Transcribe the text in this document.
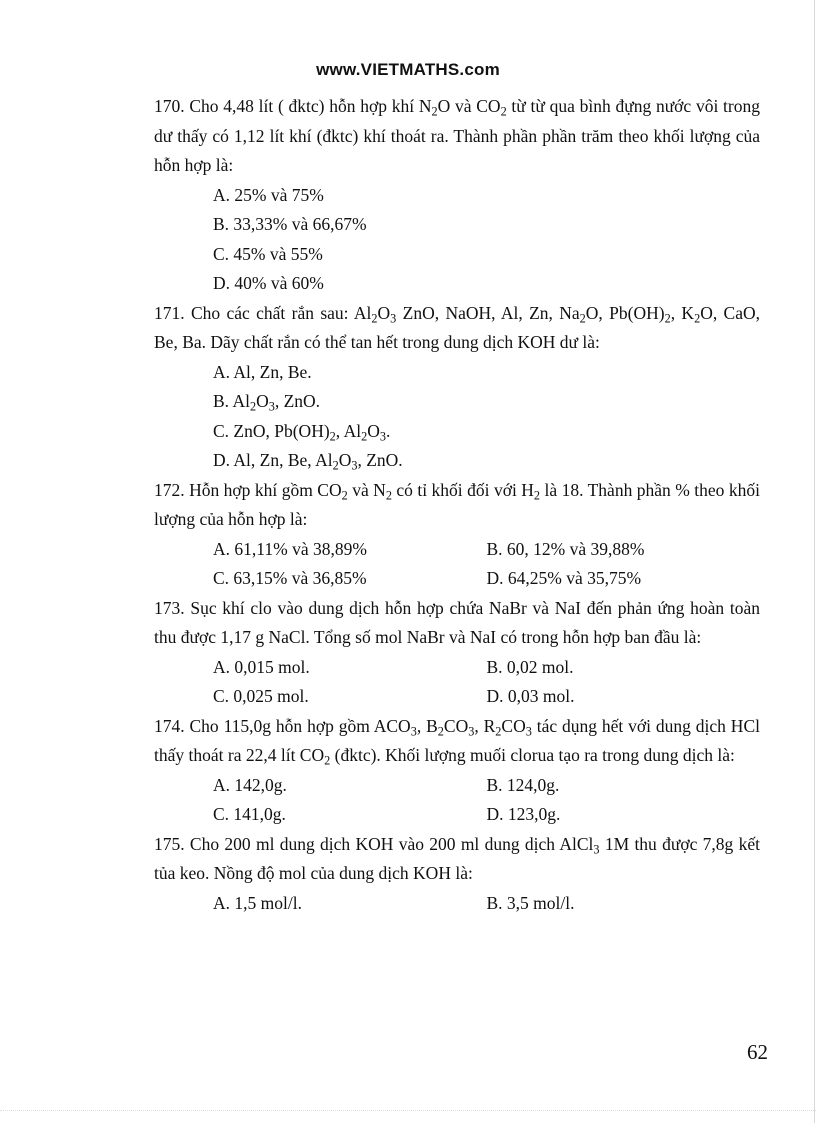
www.VIETMATHS.com
170. Cho 4,48 lít ( đktc) hỗn hợp khí $N_2O$ và $CO_2$ từ từ qua bình đựng nước vôi trong dư thấy có 1,12 lít khí (đktc) khí thoát ra. Thành phần phần trăm theo khối lượng của hỗn hợp là:
A. 25% và 75%
B. 33,33% và 66,67%
C. 45% và 55%
D. 40% và 60%
171. Cho các chất rắn sau: $Al_2O_3$ ZnO, NaOH, Al, Zn, $Na_2O$, $Pb(OH)_2$, $K_2O$, CaO, Be, Ba. Dãy chất rắn có thể tan hết trong dung dịch KOH dư là:
A. Al, Zn, Be.
B. $Al_2O_3$, ZnO.
C. ZnO, $Pb(OH)_2$, $Al_2O_3$.
D. Al, Zn, Be, $Al_2O_3$, ZnO.
172. Hỗn hợp khí gồm $CO_2$ và $N_2$ có tỉ khối đối với $H_2$ là 18. Thành phần % theo khối lượng của hỗn hợp là:
A. 61,11% và 38,89%	B. 60, 12% và 39,88%
C. 63,15% và 36,85%	D. 64,25% và 35,75%
173. Sục khí clo vào dung dịch hỗn hợp chứa NaBr và NaI đến phản ứng hoàn toàn thu được 1,17 g NaCl. Tổng số mol NaBr và NaI có trong hỗn hợp ban đầu là:
A. 0,015 mol.	B. 0,02 mol.
C. 0,025 mol.	D. 0,03 mol.
174. Cho 115,0g hỗn hợp gồm $ACO_3$, $B_2CO_3$, $R_2CO_3$ tác dụng hết với dung dịch HCl thấy thoát ra 22,4 lít $CO_2$ (đktc). Khối lượng muối clorua tạo ra trong dung dịch là:
A. 142,0g.	B. 124,0g.
C. 141,0g.	D. 123,0g.
175. Cho 200 ml dung dịch KOH vào 200 ml dung dịch AlCl$_3$ 1M thu được 7,8g kết tủa keo. Nồng độ mol của dung dịch KOH là:
A. 1,5 mol/l.	B. 3,5 mol/l.
62
